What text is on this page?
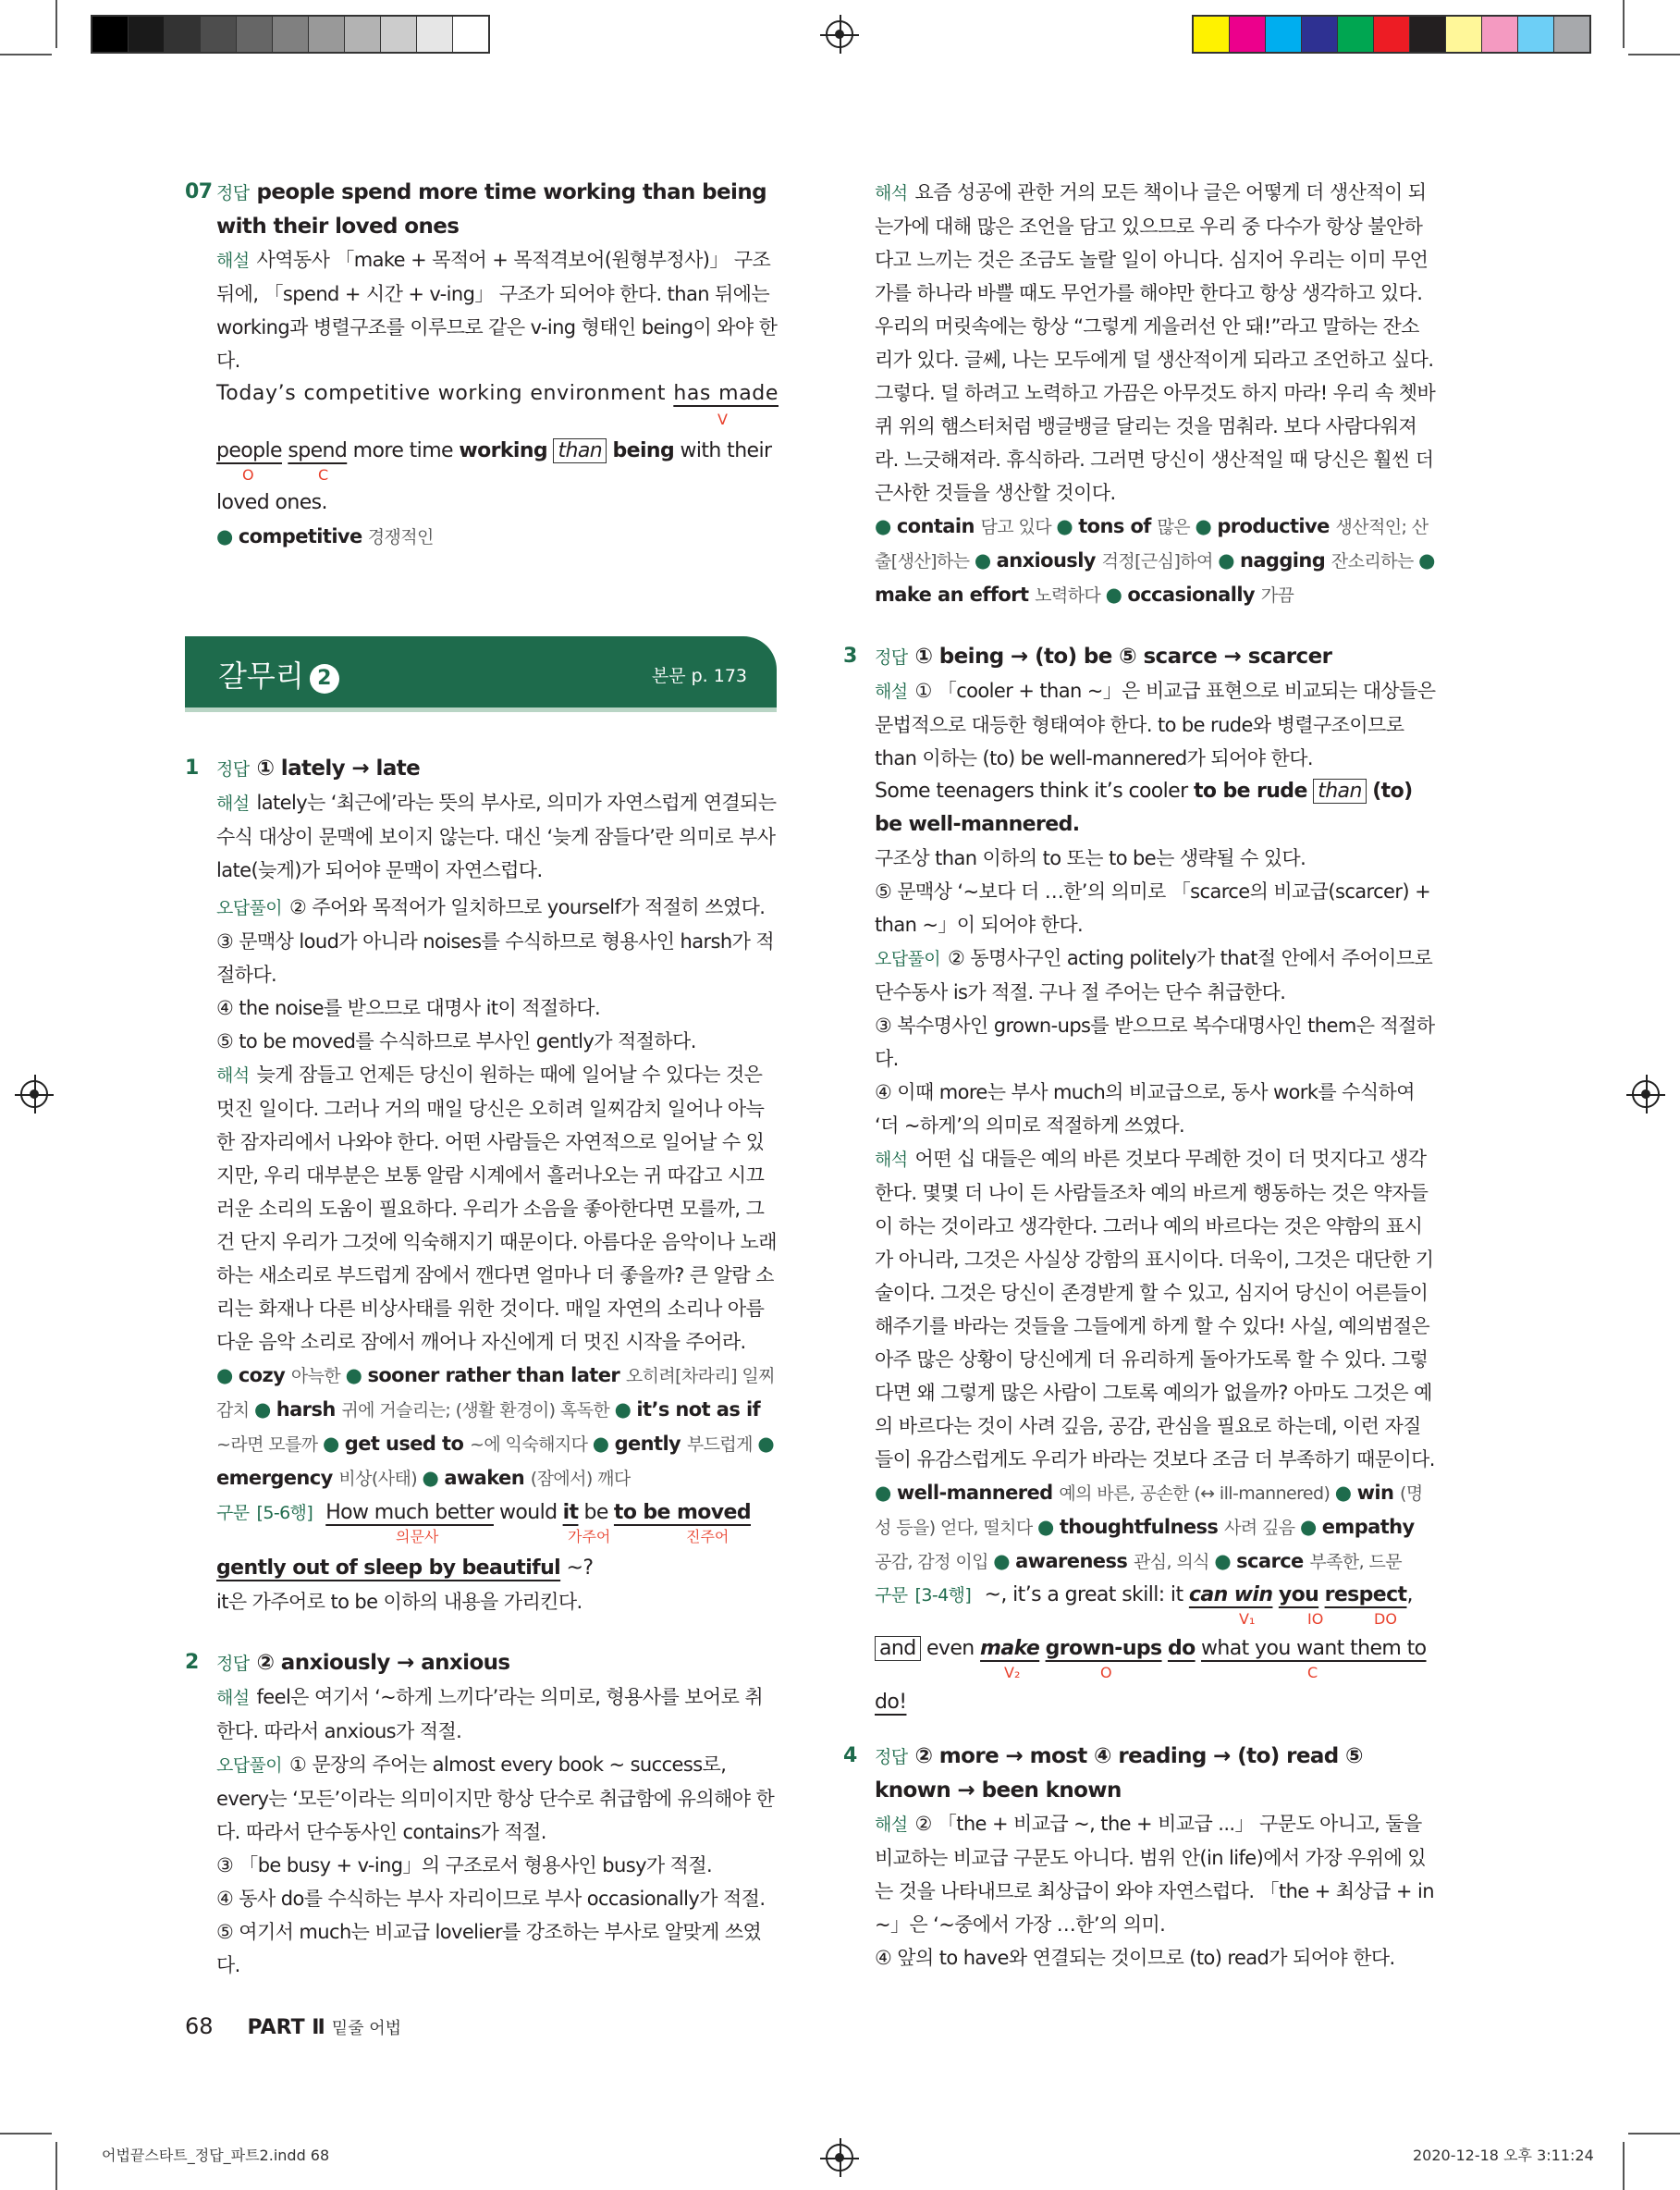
07 정답 people spend more time working than being with their loved ones
해설 사역동사 「make + 목적어 + 목적격보어(원형부정사)」 구조 뒤에, 「spend + 시간 + v-ing」 구조가 되어야 한다. than 뒤에는 working과 병렬구조를 이루므로 같은 v-ing 형태인 being이 와야 한다.
Today’s competitive working environment has made
V
people spend more time working than being with their
O	C
loved ones.
● competitive 경쟁적인
갈무리 2	본문 p. 173
1 정답 ① lately → late
해설 lately는 ‘최근에’라는 뜻의 부사로, 의미가 자연스럽게 연결되는 수식 대상이 문맥에 보이지 않는다. 대신 ‘늦게 잠들다’란 의미로 부사 late(늦게)가 되어야 문맥이 자연스럽다.
오답풀이 ② 주어와 목적어가 일치하므로 yourself가 적절히 쓰였다.
③ 문맥상 loud가 아니라 noises를 수식하므로 형용사인 harsh가 적절하다.
④ the noise를 받으므로 대명사 it이 적절하다.
⑤ to be moved를 수식하므로 부사인 gently가 적절하다.
해석 늦게 잠들고 언제든 당신이 원하는 때에 일어날 수 있다는 것은 멋진 일이다. 그러나 거의 매일 당신은 오히려 일찌감치 일어나 아늑한 잠자리에서 나와야 한다. 어떤 사람들은 자연적으로 일어날 수 있지만, 우리 대부분은 보통 알람 시계에서 흘러나오는 귀 따갑고 시끄러운 소리의 도움이 필요하다. 우리가 소음을 좋아한다면 모를까, 그건 단지 우리가 그것에 익숙해지기 때문이다. 아름다운 음악이나 노래하는 새소리로 부드럽게 잠에서 깬다면 얼마나 더 좋을까? 큰 알람 소리는 화재나 다른 비상사태를 위한 것이다. 매일 자연의 소리나 아름다운 음악 소리로 잠에서 깨어나 자신에게 더 멋진 시작을 주어라.
● cozy 아늑한 ● sooner rather than later 오히려[차라리] 일찌감치 ● harsh 귀에 거슬리는; (생활 환경이) 혹독한 ● it’s not as if ~라면 모를까 ● get used to ~에 익숙해지다 ● gently 부드럽게 ● emergency 비상(사태) ● awaken (잠에서) 깨다
구문 [5-6행] How much better would it be to be moved
의문사	가주어	진주어
gently out of sleep by beautiful ~?
it은 가주어로 to be 이하의 내용을 가리킨다.
2 정답 ② anxiously → anxious
해설 feel은 여기서 ‘~하게 느끼다’라는 의미로, 형용사를 보어로 취한다. 따라서 anxious가 적절.
오답풀이 ① 문장의 주어는 almost every book ~ success로, every는 ‘모든’이라는 의미이지만 항상 단수로 취급함에 유의해야 한다. 따라서 단수동사인 contains가 적절.
③ 「be busy + v-ing」의 구조로서 형용사인 busy가 적절.
④ 동사 do를 수식하는 부사 자리이므로 부사 occasionally가 적절.
⑤ 여기서 much는 비교급 lovelier를 강조하는 부사로 알맞게 쓰였다.
해석 요즘 성공에 관한 거의 모든 책이나 글은 어떻게 더 생산적이 되는가에 대해 많은 조언을 담고 있으므로 우리 중 다수가 항상 불안하다고 느끼는 것은 조금도 놀랄 일이 아니다. 심지어 우리는 이미 무언가를 하나라 바쁠 때도 무언가를 해야만 한다고 항상 생각하고 있다. 우리의 머릿속에는 항상 “그렇게 게을러선 안 돼!”라고 말하는 잔소리가 있다. 글쎄, 나는 모두에게 덜 생산적이게 되라고 조언하고 싶다. 그렇다. 덜 하려고 노력하고 가끔은 아무것도 하지 마라! 우리 속 쳇바퀴 위의 햄스터처럼 뱅글뱅글 달리는 것을 멈춰라. 보다 사람다워져라. 느긋해져라. 휴식하라. 그러면 당신이 생산적일 때 당신은 훨씬 더 근사한 것들을 생산할 것이다.
● contain 담고 있다 ● tons of 많은 ● productive 생산적인; 산출[생산]하는 ● anxiously 걱정[근심]하여 ● nagging 잔소리하는 ● make an effort 노력하다 ● occasionally 가끔
3 정답 ① being → (to) be ⑤ scarce → scarcer
해설 ① 「cooler + than ~」은 비교급 표현으로 비교되는 대상들은 문법적으로 대등한 형태여야 한다. to be rude와 병렬구조이므로 than 이하는 (to) be well-mannered가 되어야 한다.
Some teenagers think it’s cooler to be rude than (to) be well-mannered.
구조상 than 이하의 to 또는 to be는 생략될 수 있다.
⑤ 문맥상 ‘~보다 더 …한’의 의미로 「scarce의 비교급(scarcer) + than ~」이 되어야 한다.
오답풀이 ② 동명사구인 acting politely가 that절 안에서 주어이므로 단수동사 is가 적절. 구나 절 주어는 단수 취급한다.
③ 복수명사인 grown-ups를 받으므로 복수대명사인 them은 적절하다.
④ 이때 more는 부사 much의 비교급으로, 동사 work를 수식하여 ‘더 ~하게’의 의미로 적절하게 쓰였다.
해석 어떤 십 대들은 예의 바른 것보다 무례한 것이 더 멋지다고 생각한다. 몇몇 더 나이 든 사람들조차 예의 바르게 행동하는 것은 약자들이 하는 것이라고 생각한다. 그러나 예의 바르다는 것은 약함의 표시가 아니라, 그것은 사실상 강함의 표시이다. 더욱이, 그것은 대단한 기술이다. 그것은 당신이 존경받게 할 수 있고, 심지어 당신이 어른들이 해주기를 바라는 것들을 그들에게 하게 할 수 있다! 사실, 예의범절은 아주 많은 상황이 당신에게 더 유리하게 돌아가도록 할 수 있다. 그렇다면 왜 그렇게 많은 사람이 그토록 예의가 없을까? 아마도 그것은 예의 바르다는 것이 사려 깊음, 공감, 관심을 필요로 하는데, 이런 자질들이 유감스럽게도 우리가 바라는 것보다 조금 더 부족하기 때문이다.
● well-mannered 예의 바른, 공손한 (↔ ill-mannered) ● win (명성 등을) 얻다, 떨치다 ● thoughtfulness 사려 깊음 ● empathy 공감, 감정 이입 ● awareness 관심, 의식 ● scarce 부족한, 드문
구문 [3-4행] ~, it’s a great skill: it can win you respect,
V₁	IO	DO
and even make grown-ups do what you want them to
V₂	O	C
do!
4 정답 ② more → most ④ reading → (to) read ⑤ known → been known
해설 ② 「the + 비교급 ~, the + 비교급 ...」 구문도 아니고, 둘을 비교하는 비교급 구문도 아니다. 범위 안(in life)에서 가장 우위에 있는 것을 나타내므로 최상급이 와야 자연스럽다. 「the + 최상급 + in ~」은 ‘~중에서 가장 …한’의 의미.
④ 앞의 to have와 연결되는 것이므로 (to) read가 되어야 한다.
68 PART Ⅱ 밑줄 어법
어법끝스타트_정답_파트2.indd 68	2020-12-18 오후 3:11:24
